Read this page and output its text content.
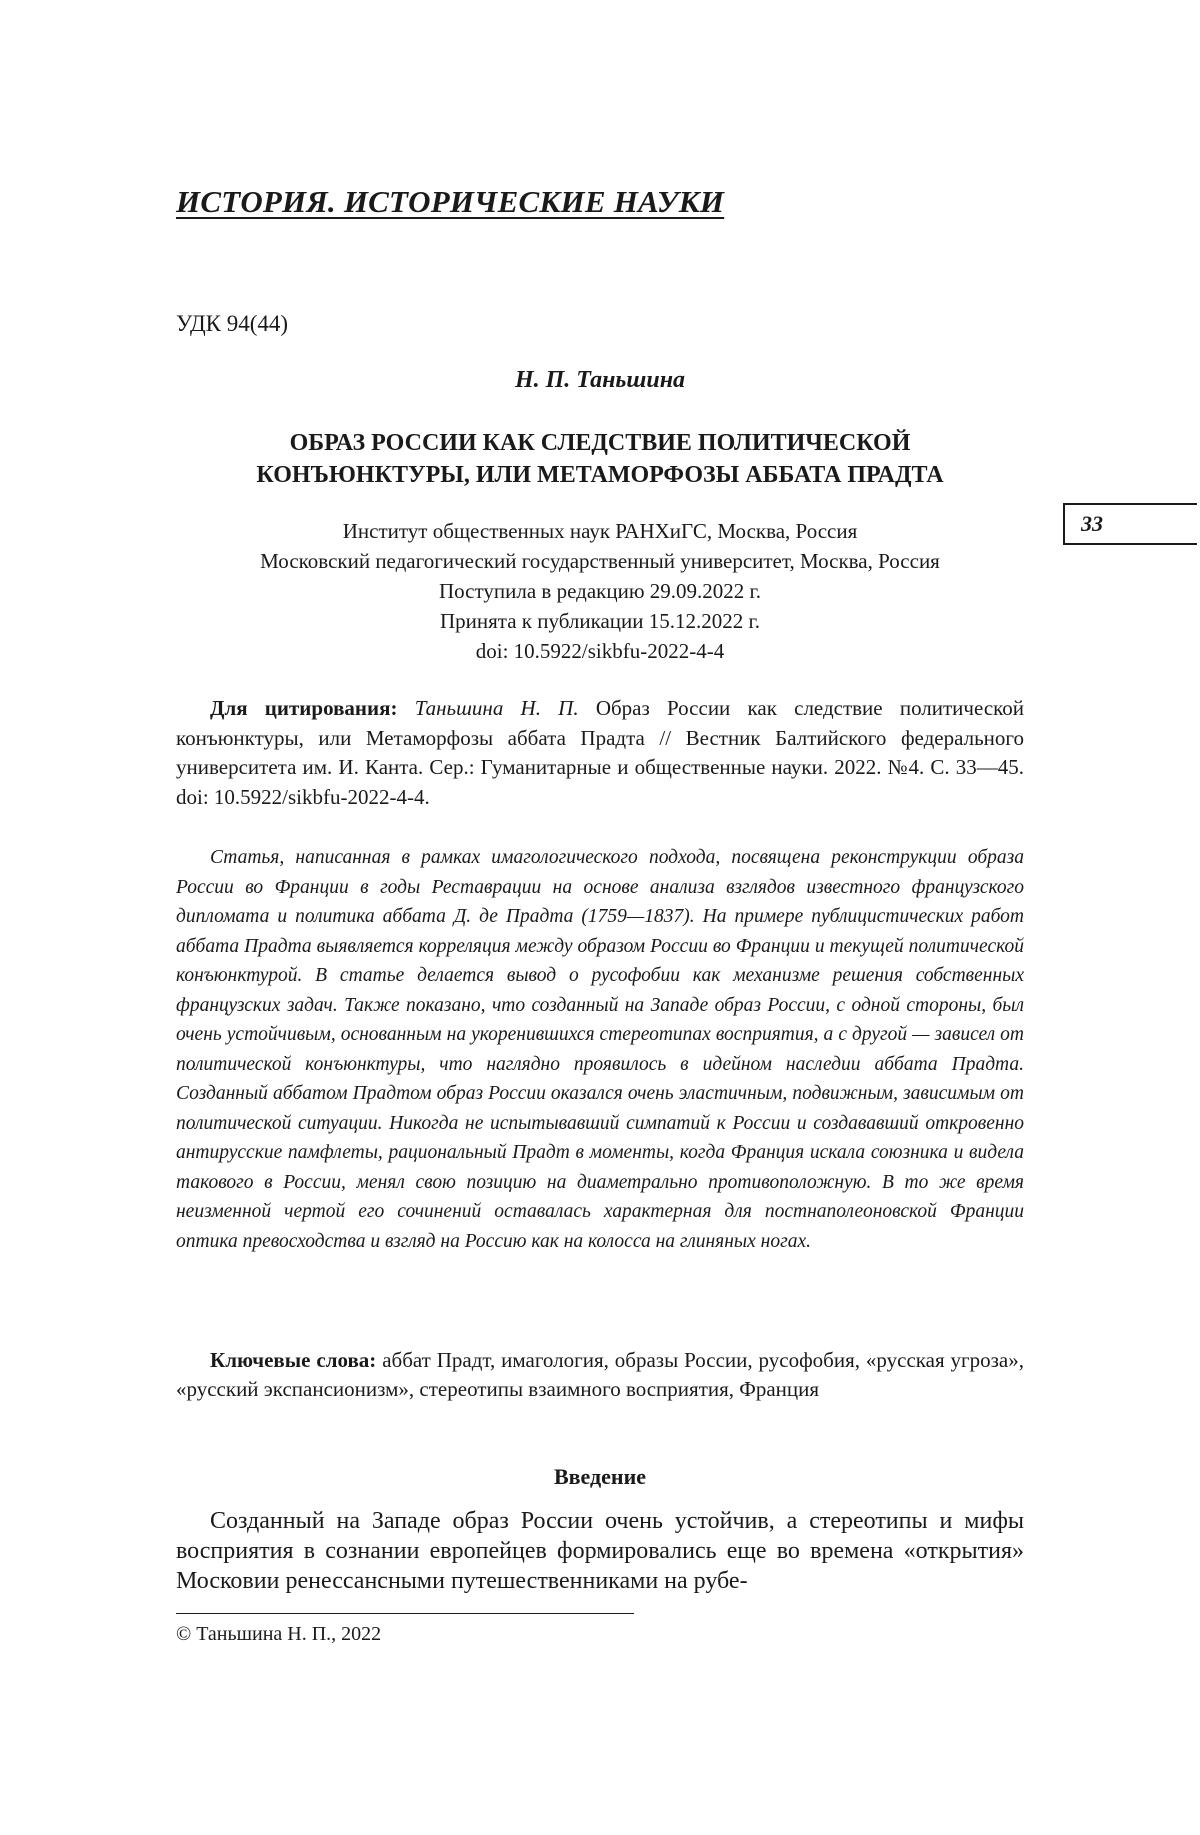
ИСТОРИЯ. ИСТОРИЧЕСКИЕ НАУКИ

УДК 94(44)

Н. П. Таньшина

ОБРАЗ РОССИИ КАК СЛЕДСТВИЕ ПОЛИТИЧЕСКОЙ
КОНЪЮНКТУРЫ, ИЛИ МЕТАМОРФОЗЫ АББАТА ПРАДТА
Институт общественных наук РАНХиГС, Москва, Россия
Московский педагогический государственный университет, Москва, Россия
Поступила в редакцию 29.09.2022 г.
Принята к публикации 15.12.2022 г.
doi: 10.5922/sikbfu-2022-4-4
33

Для цитирования: Таньшина Н. П. Образ России как следствие политической конъюнктуры, или Метаморфозы аббата Прадта // Вестник Балтийского федерального университета им. И. Канта. Сер.: Гуманитарные и общественные науки. 2022. №4. С. 33—45. doi: 10.5922/sikbfu-2022-4-4.

Статья, написанная в рамках имагологического подхода, посвящена реконструкции образа России во Франции в годы Реставрации на основе анализа взглядов известного французского дипломата и политика аббата Д. де Прадта (1759—1837). На примере публицистических работ аббата Прадта выявляется корреляция между образом России во Франции и текущей политической конъюнктурой. В статье делается вывод о русофобии как механизме решения собственных французских задач. Также показано, что созданный на Западе образ России, с одной стороны, был очень устойчивым, основанным на укоренившихся стереотипах восприятия, а с другой — зависел от политической конъюнктуры, что наглядно проявилось в идейном наследии аббата Прадта. Созданный аббатом Прадтом образ России оказался очень эластичным, подвижным, зависимым от политической ситуации. Никогда не испытывавший симпатий к России и создававший откровенно антирусские памфлеты, рациональный Прадт в моменты, когда Франция искала союзника и видела такового в России, менял свою позицию на диаметрально противоположную. В то же время неизменной чертой его сочинений оставалась характерная для постнаполеоновской Франции оптика превосходства и взгляд на Россию как на колосса на глиняных ногах.

Ключевые слова: аббат Прадт, имагология, образы России, русофобия, «русская угроза», «русский экспансионизм», стереотипы взаимного восприятия, Франция

Введение

Созданный на Западе образ России очень устойчив, а стереотипы и мифы восприятия в сознании европейцев формировались еще во времена «открытия» Московии ренессансными путешественниками на рубе-

© Таньшина Н. П., 2022
